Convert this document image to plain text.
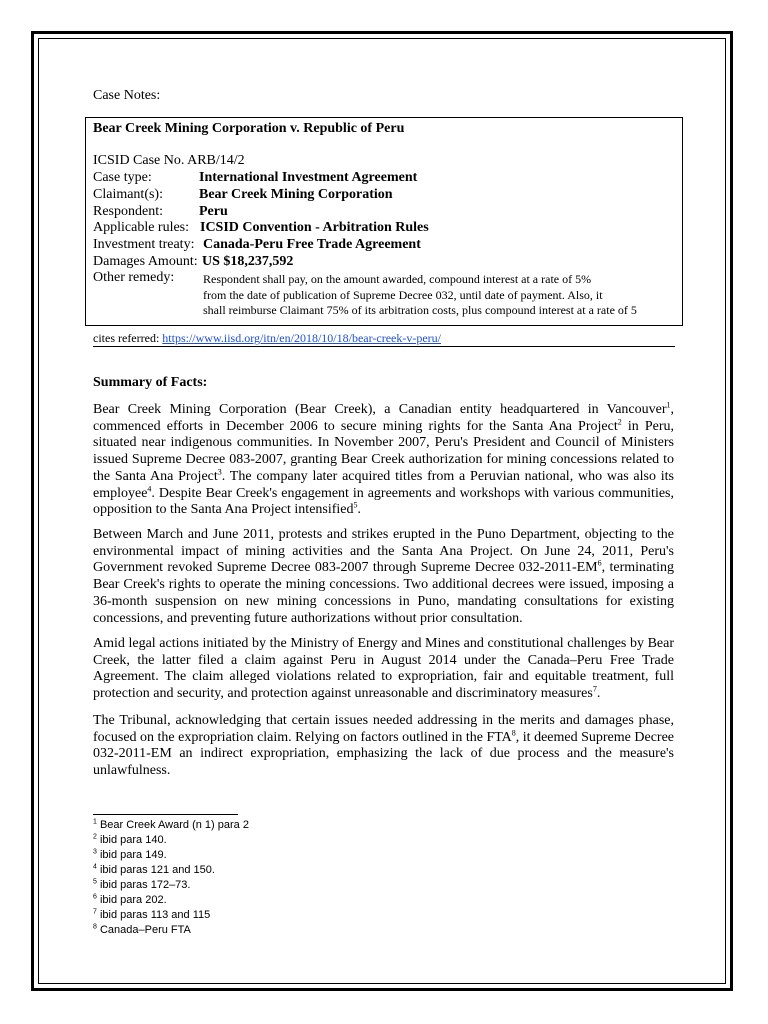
Case Notes:
Bear Creek Mining Corporation v. Republic of Peru
ICSID Case No. ARB/14/2
Case type:	International Investment Agreement
Claimant(s):	Bear Creek Mining Corporation
Respondent:	Peru
Applicable rules: ICSID Convention - Arbitration Rules
Investment treaty: Canada-Peru Free Trade Agreement
Damages Amount: US $18,237,592
Other remedy: Respondent shall pay, on the amount awarded, compound interest at a rate of 5%
from the date of publication of Supreme Decree 032, until date of payment. Also, it
shall reimburse Claimant 75% of its arbitration costs, plus compound interest at a rate of 5
cites referred: https://www.iisd.org/itn/en/2018/10/18/bear-creek-v-peru/
Summary of Facts:
Bear Creek Mining Corporation (Bear Creek), a Canadian entity headquartered in Vancouver$^1$, commenced efforts in December 2006 to secure mining rights for the Santa Ana Project$^2$ in Peru, situated near indigenous communities. In November 2007, Peru's President and Council of Ministers issued Supreme Decree 083-2007, granting Bear Creek authorization for mining concessions related to the Santa Ana Project$^3$. The company later acquired titles from a Peruvian national, who was also its employee$^4$. Despite Bear Creek's engagement in agreements and workshops with various communities, opposition to the Santa Ana Project intensified$^5$.
Between March and June 2011, protests and strikes erupted in the Puno Department, objecting to the environmental impact of mining activities and the Santa Ana Project. On June 24, 2011, Peru's Government revoked Supreme Decree 083-2007 through Supreme Decree $032-2011-EM^6$, terminating Bear Creek's rights to operate the mining concessions. Two additional decrees were issued, imposing a 36-month suspension on new mining concessions in Puno, mandating consultations for existing concessions, and preventing future authorizations without prior consultation.
Amid legal actions initiated by the Ministry of Energy and Mines and constitutional challenges by Bear Creek, the latter filed a claim against Peru in August 2014 under the Canada–Peru Free Trade Agreement. The claim alleged violations related to expropriation, fair and equitable treatment, full protection and security, and protection against unreasonable and discriminatory measures$^7$.
The Tribunal, acknowledging that certain issues needed addressing in the merits and damages phase, focused on the expropriation claim. Relying on factors outlined in the FTA$^8$, it deemed Supreme Decree 032-2011-EM an indirect expropriation, emphasizing the lack of due process and the measure's unlawfulness.
$^1$ Bear Creek Award (n 1) para 2
$^2$ ibid para 140.
$^3$ ibid para 149.
$^4$ ibid paras 121 and 150.
$^5$ ibid paras 172–73.
$^6$ ibid para 202.
$^7$ ibid paras 113 and 115
$^8$ Canada–Peru FTA
